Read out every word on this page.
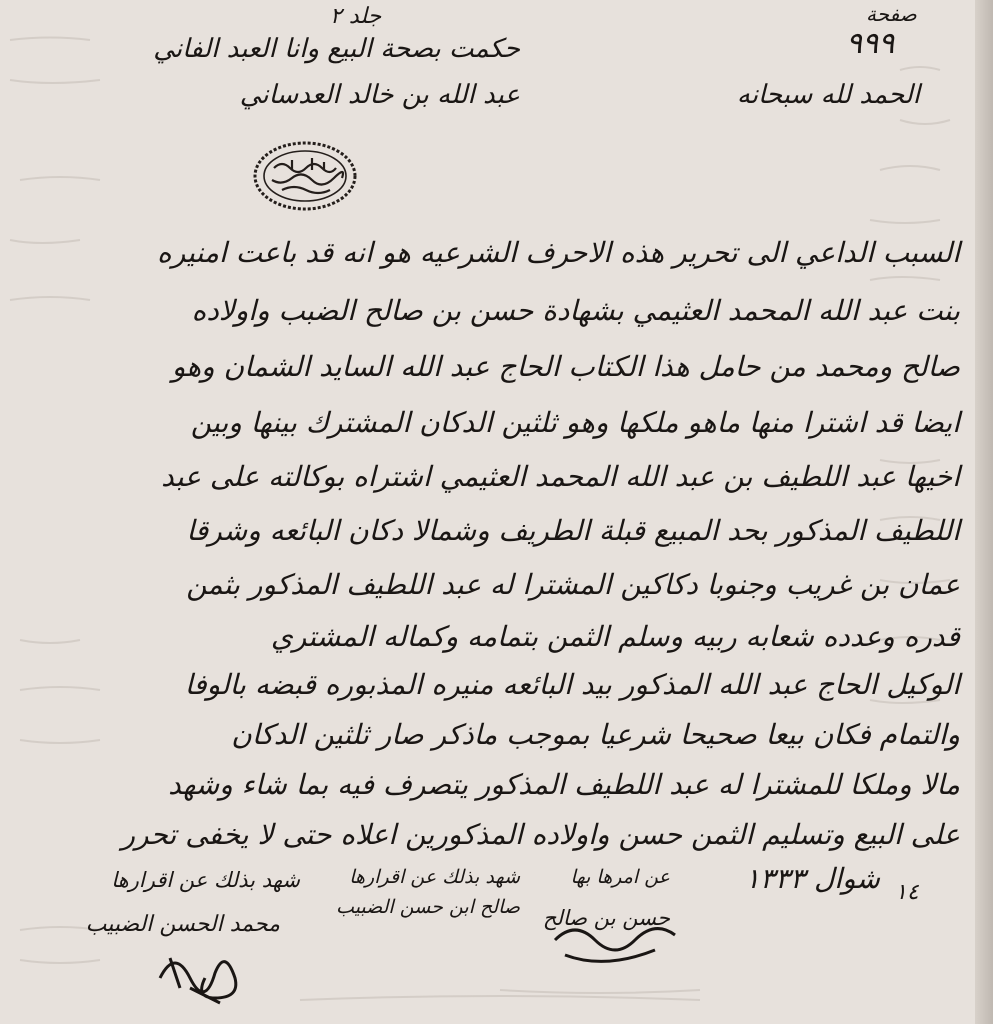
جلد ٢
حكمت بصحة البيع وانا العبد الفاني
عبد الله بن خالد العدساني
صفحة
٩٩٩
الحمد لله سبحانه
السبب الداعي الى تحرير هذه الاحرف الشرعيه هو انه قد باعت امنيره
بنت عبد الله المحمد العثيمي بشهادة حسن بن صالح الضبب واولاده
صالح ومحمد من حامل هذا الكتاب الحاج عبد الله السايد الشمان وهو
ايضا قد اشترا منها ماهو ملكها وهو ثلثين الدكان المشترك بينها وبين
اخيها عبد اللطيف بن عبد الله المحمد العثيمي اشتراه بوكالته على عبد
اللطيف المذكور بحد المبيع قبلة الطريف وشمالا دكان البائعه وشرقا
عمان بن غريب وجنوبا دكاكين المشترا له عبد اللطيف المذكور بثمن
قدره وعدده شعابه ربيه وسلم الثمن بتمامه وكماله المشتري
الوكيل الحاج عبد الله المذكور بيد البائعه منيره المذبوره قبضه بالوفا
والتمام فكان بيعا صحيحا شرعيا بموجب ماذكر صار ثلثين الدكان
مالا وملكا للمشترا له عبد اللطيف المذكور يتصرف فيه بما شاء وشهد
على البيع وتسليم الثمن حسن واولاده المذكورين اعلاه حتى لا يخفى تحرر
١٤
شوال ١٣٣٣
شهد بذلك عن اقرارها
محمد الحسن الضبيب
شهد بذلك عن اقرارها
صالح ابن حسن الضبيب
عن امرها بها
حسن بن صالح
